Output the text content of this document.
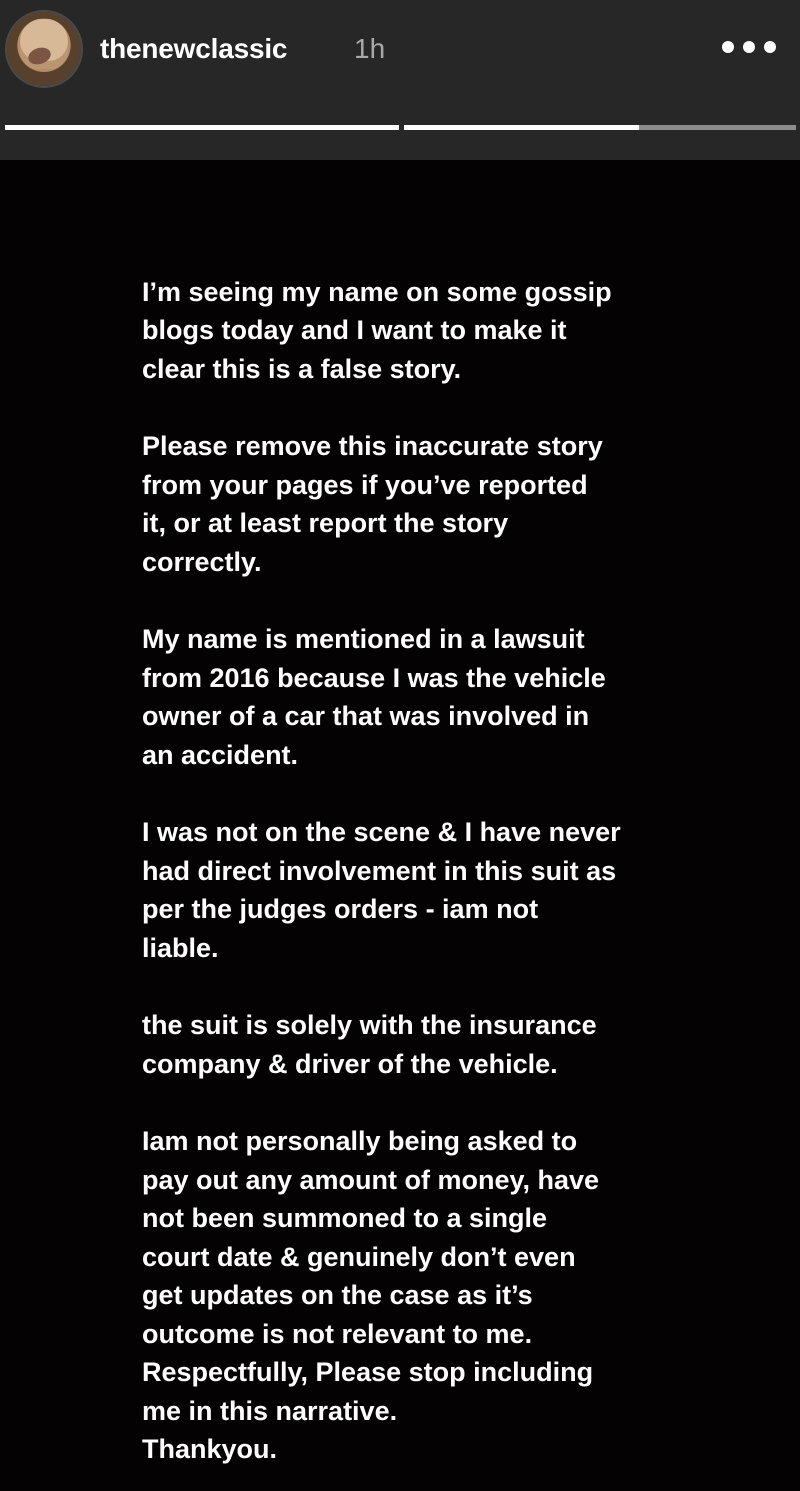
thenewclassic 1h
I’m seeing my name on some gossip
blogs today and I want to make it
clear this is a false story.
Please remove this inaccurate story
from your pages if you’ve reported
it, or at least report the story
correctly.
My name is mentioned in a lawsuit
from 2016 because I was the vehicle
owner of a car that was involved in
an accident.
I was not on the scene & I have never
had direct involvement in this suit as
per the judges orders - iam not
liable.
the suit is solely with the insurance
company & driver of the vehicle.
Iam not personally being asked to
pay out any amount of money, have
not been summoned to a single
court date & genuinely don’t even
get updates on the case as it’s
outcome is not relevant to me.
Respectfully, Please stop including
me in this narrative.
Thankyou.
